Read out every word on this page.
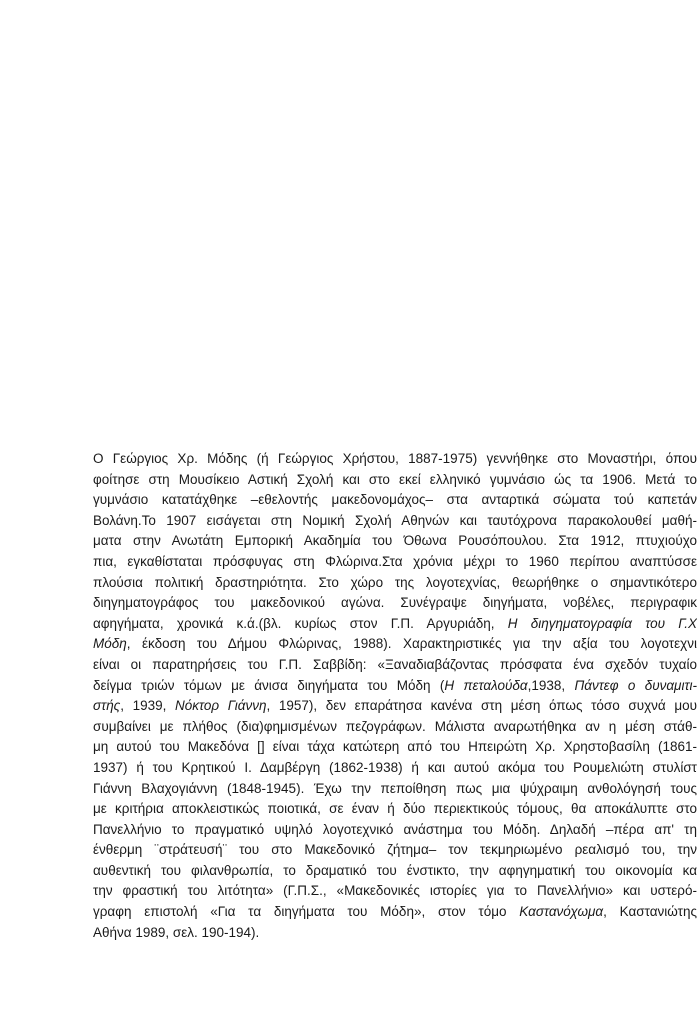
Ο Γεώργιος Χρ. Μόδης (ή Γεώργιος Χρήστου, 1887-1975) γεννήθηκε στο Μοναστήρι, όπου
φοίτησε στη Μουσίκειο Αστική Σχολή και στο εκεί ελληνικό γυμνάσιο ώς τα 1906. Μετά το
γυμνάσιο κατατάχθηκε –εθελοντής μακεδονομάχος– στα ανταρτικά σώματα τού καπετάν
Βολάνη.Το 1907 εισάγεται στη Νομική Σχολή Αθηνών και ταυτόχρονα παρακολουθεί μαθή-
ματα στην Ανωτάτη Εμπορική Ακαδημία του Όθωνα Ρουσόπουλου. Στα 1912, πτυχιούχο
πια, εγκαθίσταται πρόσφυγας στη Φλώρινα.Στα χρόνια μέχρι το 1960 περίπου αναπτύσσε
πλούσια πολιτική δραστηριότητα. Στο χώρο της λογοτεχνίας, θεωρήθηκε ο σημαντικότερο
διηγηματογράφος του μακεδονικού αγώνα. Συνέγραψε διηγήματα, νοβέλες, περιγραφικ
αφηγήματα, χρονικά κ.ά.(βλ. κυρίως στον Γ.Π. Αργυριάδη, Η διηγηματογραφία του Γ.Χ
Μόδη, έκδοση του Δήμου Φλώρινας, 1988). Χαρακτηριστικές για την αξία του λογοτεχνι
είναι οι παρατηρήσεις του Γ.Π. Σαββίδη: «Ξαναδιαβάζοντας πρόσφατα ένα σχεδόν τυχαίο
δείγμα τριών τόμων με άνισα διηγήματα του Μόδη (Η πεταλούδα,1938, Πάντεφ ο δυναμιτι-
στής, 1939, Νόκτορ Γιάννη, 1957), δεν επαράτησα κανένα στη μέση όπως τόσο συχνά μου
συμβαίνει με πλήθος (δια)φημισμένων πεζογράφων. Μάλιστα αναρωτήθηκα αν η μέση στάθ-
μη αυτού του Μακεδόνα [] είναι τάχα κατώτερη από του Ηπειρώτη Χρ. Χρηστοβασίλη (1861-
1937) ή του Κρητικού Ι. Δαμβέργη (1862-1938) ή και αυτού ακόμα του Ρουμελιώτη στυλίστ
Γιάννη Βλαχογιάννη (1848-1945). Έχω την πεποίθηση πως μια ψύχραιμη ανθολόγησή τους
με κριτήρια αποκλειστικώς ποιοτικά, σε έναν ή δύο περιεκτικούς τόμους, θα αποκάλυπτε στο
Πανελλήνιο το πραγματικό υψηλό λογοτεχνικό ανάστημα του Μόδη. Δηλαδή –πέρα απ' τη
ένθερμη ¨στράτευσή¨ του στο Μακεδονικό ζήτημα– τον τεκμηριωμένο ρεαλισμό του, την
αυθεντική του φιλανθρωπία, το δραματικό του ένστικτο, την αφηγηματική του οικονομία κα
την φραστική του λιτότητα» (Γ.Π.Σ., «Μακεδονικές ιστορίες για το Πανελλήνιο» και υστερό-
γραφη επιστολή «Για τα διηγήματα του Μόδη», στον τόμο Καστανόχωμα, Καστανιώτης
Αθήνα 1989, σελ. 190-194).
